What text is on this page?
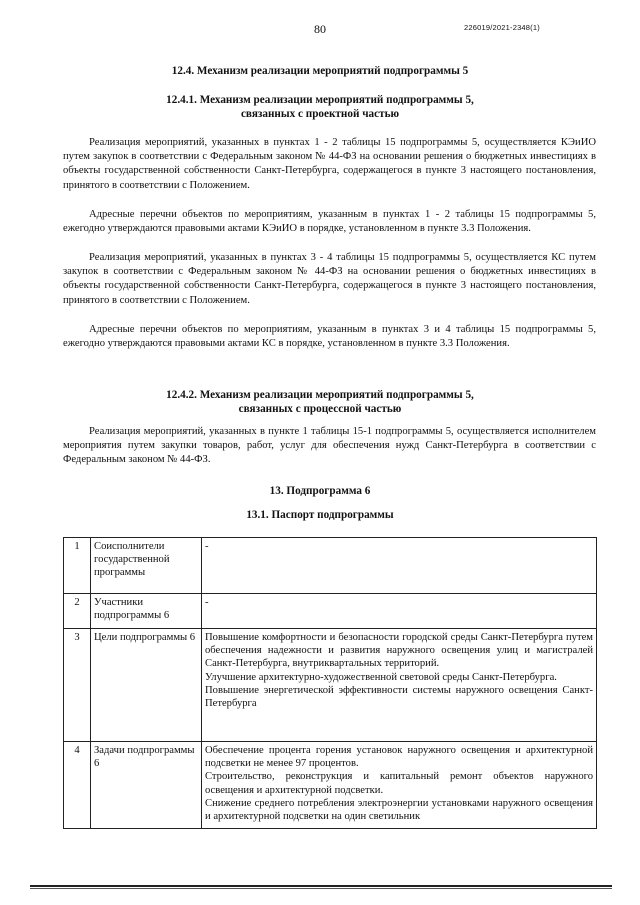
80	226019/2021-2348(1)
12.4. Механизм реализации мероприятий подпрограммы 5
12.4.1. Механизм реализации мероприятий подпрограммы 5,
связанных с проектной частью
Реализация мероприятий, указанных в пунктах 1 - 2 таблицы 15 подпрограммы 5, осуществляется КЭиИО путем закупок в соответствии с Федеральным законом № 44-ФЗ на основании решения о бюджетных инвестициях в объекты государственной собственности Санкт-Петербурга, содержащегося в пункте 3 настоящего постановления, принятого в соответствии с Положением.
Адресные перечни объектов по мероприятиям, указанным в пунктах 1 - 2 таблицы 15 подпрограммы 5, ежегодно утверждаются правовыми актами КЭиИО в порядке, установленном в пункте 3.3 Положения.
Реализация мероприятий, указанных в пунктах 3 - 4 таблицы 15 подпрограммы 5, осуществляется КС путем закупок в соответствии с Федеральным законом № 44-ФЗ на основании решения о бюджетных инвестициях в объекты государственной собственности Санкт-Петербурга, содержащегося в пункте 3 настоящего постановления, принятого в соответствии с Положением.
Адресные перечни объектов по мероприятиям, указанным в пунктах 3 и 4 таблицы 15 подпрограммы 5, ежегодно утверждаются правовыми актами КС в порядке, установленном в пункте 3.3 Положения.
12.4.2. Механизм реализации мероприятий подпрограммы 5,
связанных с процессной частью
Реализация мероприятий, указанных в пункте 1 таблицы 15-1 подпрограммы 5, осуществляется исполнителем мероприятия путем закупки товаров, работ, услуг для обеспечения нужд Санкт-Петербурга в соответствии с Федеральным законом № 44-ФЗ.
13. Подпрограмма 6
13.1. Паспорт подпрограммы
1	Соисполнители государственной программы	-

2	Участники подпрограммы 6	-

3	Цели подпрограммы 6	Повышение комфортности и безопасности городской среды Санкт-Петербурга путем обеспечения надежности и развития наружного освещения улиц и магистралей Санкт-Петербурга, внутриквартальных территорий.

Улучшение архитектурно-художественной световой среды Санкт-Петербурга.

Повышение энергетической эффективности системы наружного освещения Санкт-Петербурга

4	Задачи подпрограммы 6	Обеспечение процента горения установок наружного освещения и архитектурной подсветки не менее 97 процентов.

Строительство, реконструкция и капитальный ремонт объектов наружного освещения и архитектурной подсветки.

Снижение среднего потребления электроэнергии установками наружного освещения и архитектурной подсветки на один светильник
